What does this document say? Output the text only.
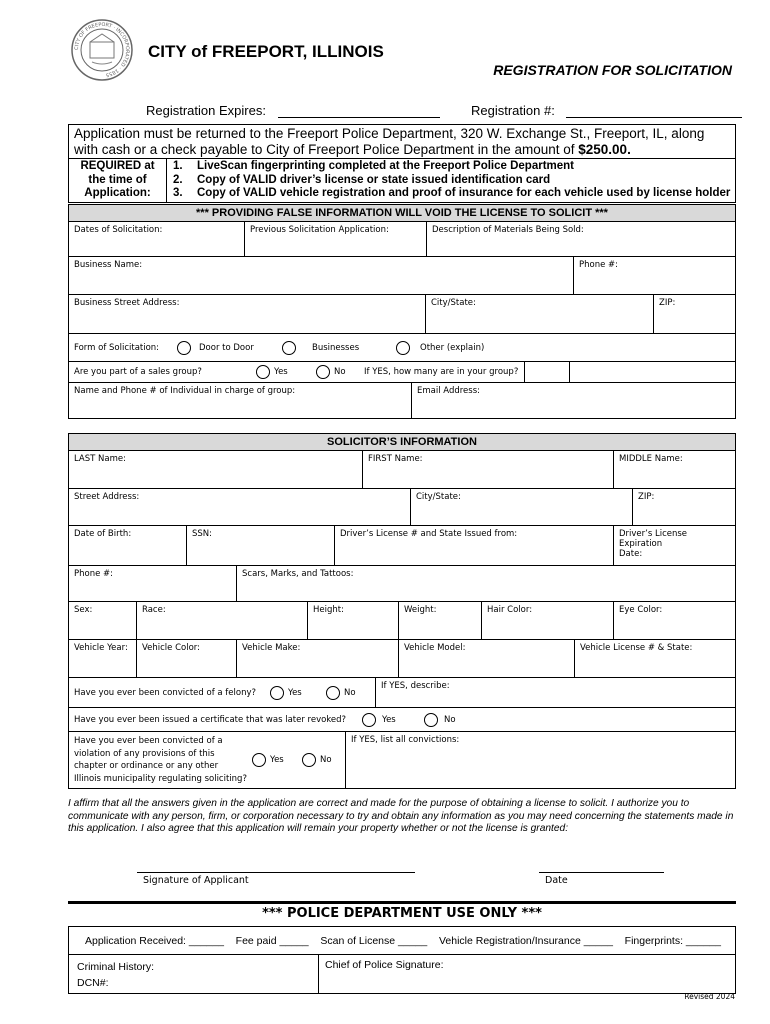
CITY OF FREEPORT · INCORPORATED · 1855
CITY of FREEPORT, ILLINOIS
REGISTRATION FOR SOLICITATION
Registration Expires:	Registration #:
Application must be returned to the Freeport Police Department, 320 W. Exchange St., Freeport, IL, along with cash or a check payable to City of Freeport Police Department in the amount of $250.00.
REQUIRED at
the time of
Application:
1. LiveScan fingerprinting completed at the Freeport Police Department
2. Copy of VALID driver’s license or state issued identification card
3. Copy of VALID vehicle registration and proof of insurance for each vehicle used by license holder
*** PROVIDING FALSE INFORMATION WILL VOID THE LICENSE TO SOLICIT ***
Dates of Solicitation:	Previous Solicitation Application:	Description of Materials Being Sold:
Business Name:	Phone #:
Business Street Address:	City/State:	ZIP:
Form of Solicitation:	Door to Door	Businesses	Other (explain)
Are you part of a sales group?	Yes	No	If YES, how many are in your group?
Name and Phone # of Individual in charge of group:	Email Address:
SOLICITOR’S INFORMATION
LAST Name:	FIRST Name:	MIDDLE Name:
Street Address:	City/State:	ZIP:
Date of Birth:	SSN:	Driver’s License # and State Issued from:	Driver’s License Expiration
Date:
Phone #:	Scars, Marks, and Tattoos:
Sex:	Race:	Height:	Weight:	Hair Color:	Eye Color:
Vehicle Year:	Vehicle Color:	Vehicle Make:	Vehicle Model:	Vehicle License # & State:
Have you ever been convicted of a felony?	Yes	No
If YES, describe:
Have you ever been issued a certificate that was later revoked?	Yes	No
Have you ever been convicted of a
violation of any provisions of this
chapter or ordinance or any other
Illinois municipality regulating soliciting?
Yes	No
If YES, list all convictions:
I affirm that all the answers given in the application are correct and made for the purpose of obtaining a license to solicit. I authorize you to communicate with any person, firm, or corporation necessary to try and obtain any information as you may need concerning the statements made in this application. I also agree that this application will remain your property whether or not the license is granted:
Signature of Applicant	Date
*** POLICE DEPARTMENT USE ONLY ***
Application Received: ______ Fee paid _____ Scan of License _____ Vehicle Registration/Insurance _____ Fingerprints: ______
Criminal History:
DCN#:
Chief of Police Signature:
Revised 2024
